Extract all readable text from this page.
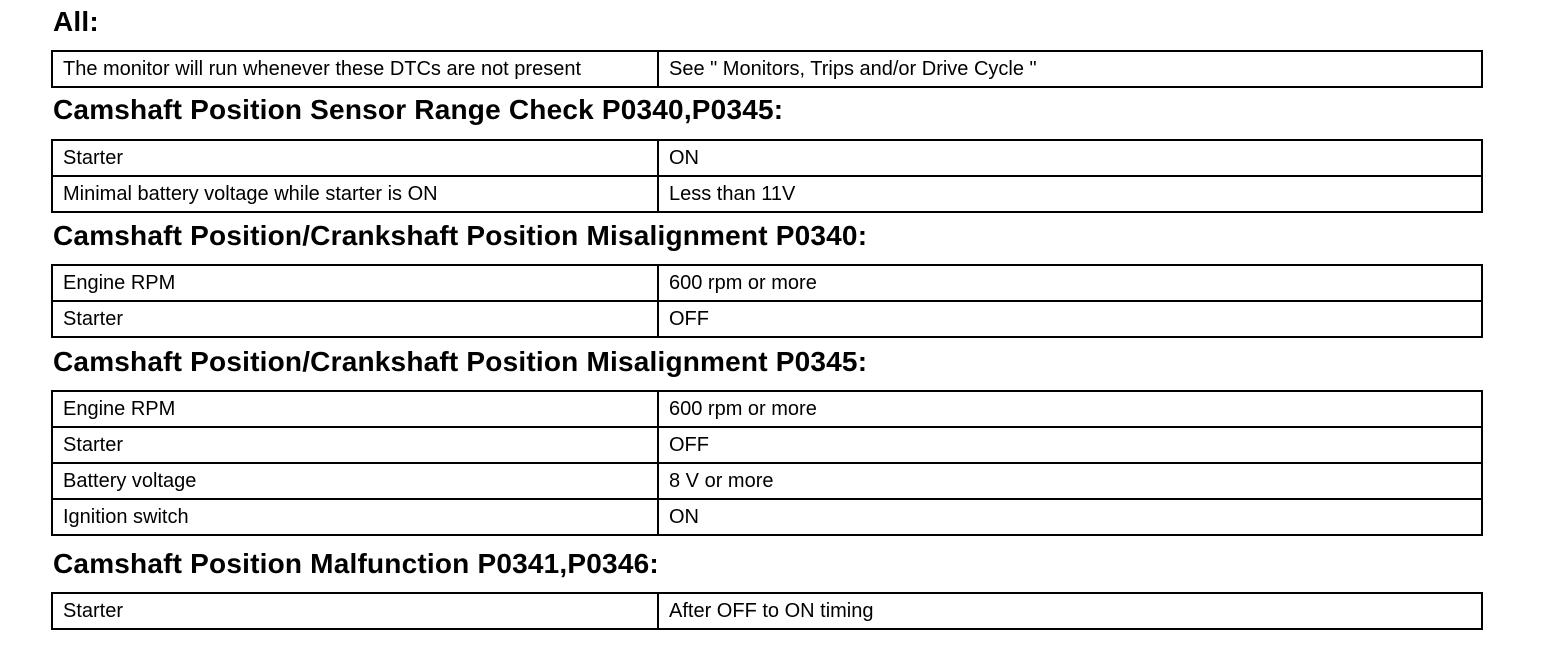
All:
The monitor will run whenever these DTCs are not present	See " Monitors, Trips and/or Drive Cycle "
Camshaft Position Sensor Range Check P0340,P0345:
Starter	ON
Minimal battery voltage while starter is ON	Less than 11V
Camshaft Position/Crankshaft Position Misalignment P0340:
Engine RPM	600 rpm or more
Starter	OFF
Camshaft Position/Crankshaft Position Misalignment P0345:
Engine RPM	600 rpm or more
Starter	OFF
Battery voltage	8 V or more
Ignition switch	ON
Camshaft Position Malfunction P0341,P0346:
Starter	After OFF to ON timing
